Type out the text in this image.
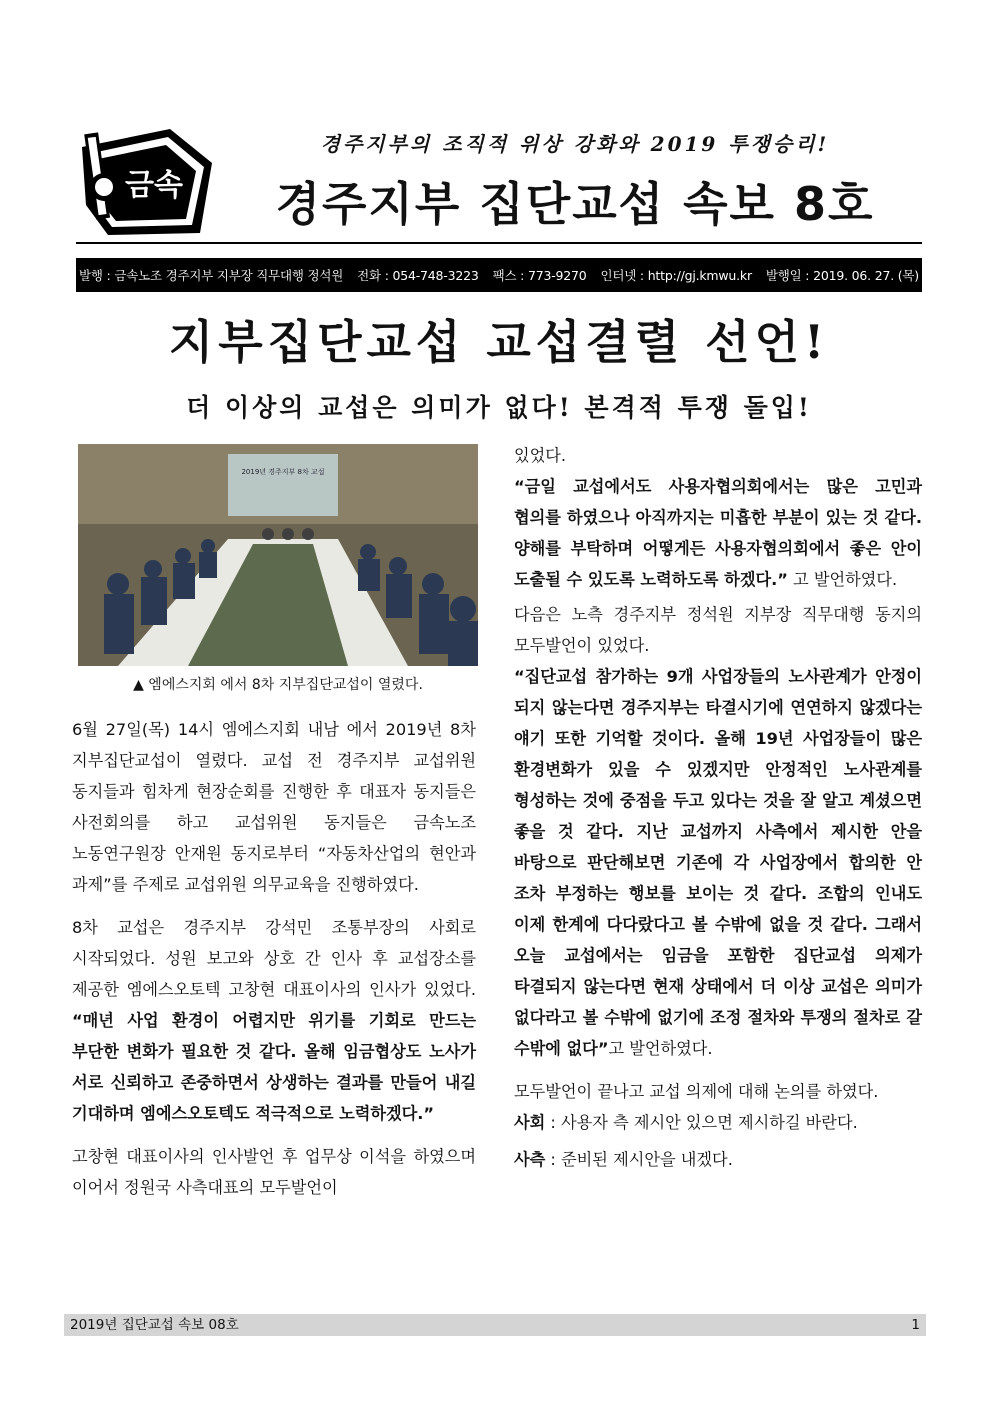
금속
경주지부의 조직적 위상 강화와 2019 투쟁승리!
경주지부 집단교섭 속보 8호
발행 : 금속노조 경주지부 지부장 직무대행 정석원 전화 : 054-748-3223 팩스 : 773-9270 인터넷 : http://gj.kmwu.kr 발행일 : 2019. 06. 27. (목)
지부집단교섭 교섭결렬 선언!
더 이상의 교섭은 의미가 없다! 본격적 투쟁 돌입!
2019년 경주지부 8차 교섭
▲ 엠에스지회 에서 8차 지부집단교섭이 열렸다.

6월 27일(목) 14시 엠에스지회 내남 에서 2019년 8차 지부집단교섭이 열렸다. 교섭 전 경주지부 교섭위원 동지들과 힘차게 현장순회를 진행한 후 대표자 동지들은 사전회의를 하고 교섭위원 동지들은 금속노조 노동연구원장 안재원 동지로부터 “자동차산업의 현안과 과제”를 주제로 교섭위원 의무교육을 진행하였다.

8차 교섭은 경주지부 강석민 조통부장의 사회로 시작되었다. 성원 보고와 상호 간 인사 후 교섭장소를 제공한 엠에스오토텍 고창현 대표이사의 인사가 있었다. “매년 사업 환경이 어렵지만 위기를 기회로 만드는 부단한 변화가 필요한 것 같다. 올해 임금협상도 노사가 서로 신뢰하고 존중하면서 상생하는 결과를 만들어 내길 기대하며 엠에스오토텍도 적극적으로 노력하겠다.”

고창현 대표이사의 인사발언 후 업무상 이석을 하였으며 이어서 정원국 사측대표의 모두발언이

있었다.
“금일 교섭에서도 사용자협의회에서는 많은 고민과 협의를 하였으나 아직까지는 미흡한 부분이 있는 것 같다. 양해를 부탁하며 어떻게든 사용자협의회에서 좋은 안이 도출될 수 있도록 노력하도록 하겠다.” 고 발언하였다.

다음은 노측 경주지부 정석원 지부장 직무대행 동지의 모두발언이 있었다.

“집단교섭 참가하는 9개 사업장들의 노사관계가 안정이 되지 않는다면 경주지부는 타결시기에 연연하지 않겠다는 얘기 또한 기억할 것이다. 올해 19년 사업장들이 많은 환경변화가 있을 수 있겠지만 안정적인 노사관계를 형성하는 것에 중점을 두고 있다는 것을 잘 알고 계셨으면 좋을 것 같다. 지난 교섭까지 사측에서 제시한 안을 바탕으로 판단해보면 기존에 각 사업장에서 합의한 안 조차 부정하는 행보를 보이는 것 같다. 조합의 인내도 이제 한계에 다다랐다고 볼 수밖에 없을 것 같다. 그래서 오늘 교섭에서는 임금을 포함한 집단교섭 의제가 타결되지 않는다면 현재 상태에서 더 이상 교섭은 의미가 없다라고 볼 수밖에 없기에 조정 절차와 투쟁의 절차로 갈 수밖에 없다”고 발언하였다.

모두발언이 끝나고 교섭 의제에 대해 논의를 하였다.

사회 : 사용자 측 제시안 있으면 제시하길 바란다.

사측 : 준비된 제시안을 내겠다.

2019년 집단교섭 속보 08호	1
